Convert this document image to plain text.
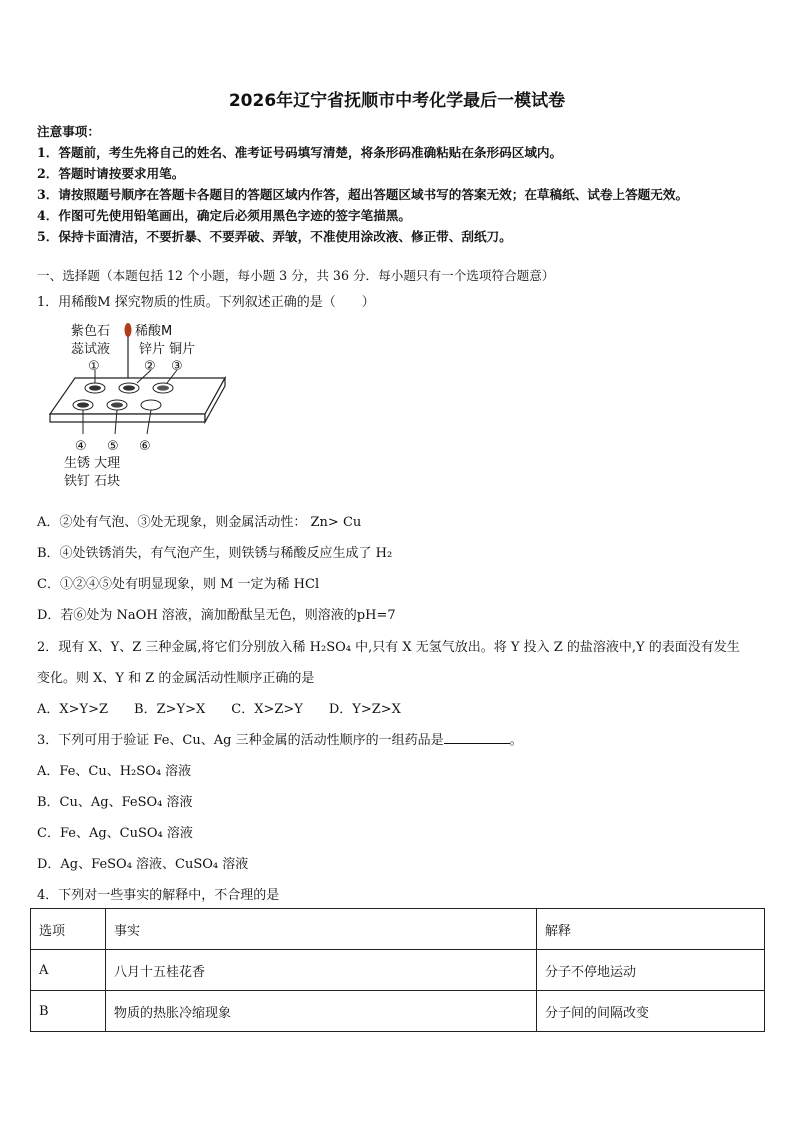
2026年辽宁省抚顺市中考化学最后一模试卷
注意事项：
1．答题前，考生先将自己的姓名、准考证号码填写清楚，将条形码准确粘贴在条形码区域内。
2．答题时请按要求用笔。
3．请按照题号顺序在答题卡各题目的答题区域内作答，超出答题区域书写的答案无效；在草稿纸、试卷上答题无效。
4．作图可先使用铅笔画出，确定后必须用黑色字迹的签字笔描黑。
5．保持卡面清洁，不要折暴、不要弄破、弄皱，不准使用涂改液、修正带、刮纸刀。
一、选择题（本题包括 12 个小题，每小题 3 分，共 36 分．每小题只有一个选项符合题意）
1．用稀酸M 探究物质的性质。下列叙述正确的是（　　）
紫色石
蕊试液
稀酸M
锌片 铜片
①	② ③
④ ⑤ ⑥
生锈 大理
铁钉 石块
A．②处有气泡、③处无现象，则金属活动性： Zn> Cu
B．④处铁锈消失，有气泡产生，则铁锈与稀酸反应生成了 H₂
C．①②④⑤处有明显现象，则 M 一定为稀 HCl
D．若⑥处为 NaOH 溶液，滴加酚酞呈无色，则溶液的pH=7
2．现有 X、Y、Z 三种金属,将它们分别放入稀 H₂SO₄ 中,只有 X 无氢气放出。将 Y 投入 Z 的盐溶液中,Y 的表面没有发生
变化。则 X、Y 和 Z 的金属活动性顺序正确的是
A．X>Y>Z　　B．Z>Y>X　　C．X>Z>Y　　D．Y>Z>X
3．下列可用于验证 Fe、Cu、Ag 三种金属的活动性顺序的一组药品是	。
A．Fe、Cu、H₂SO₄ 溶液
B．Cu、Ag、FeSO₄ 溶液
C．Fe、Ag、CuSO₄ 溶液
D．Ag、FeSO₄ 溶液、CuSO₄ 溶液
4．下列对一些事实的解释中，不合理的是
选项	事实	解释
A	八月十五桂花香	分子不停地运动
B	物质的热胀冷缩现象	分子间的间隔改变
